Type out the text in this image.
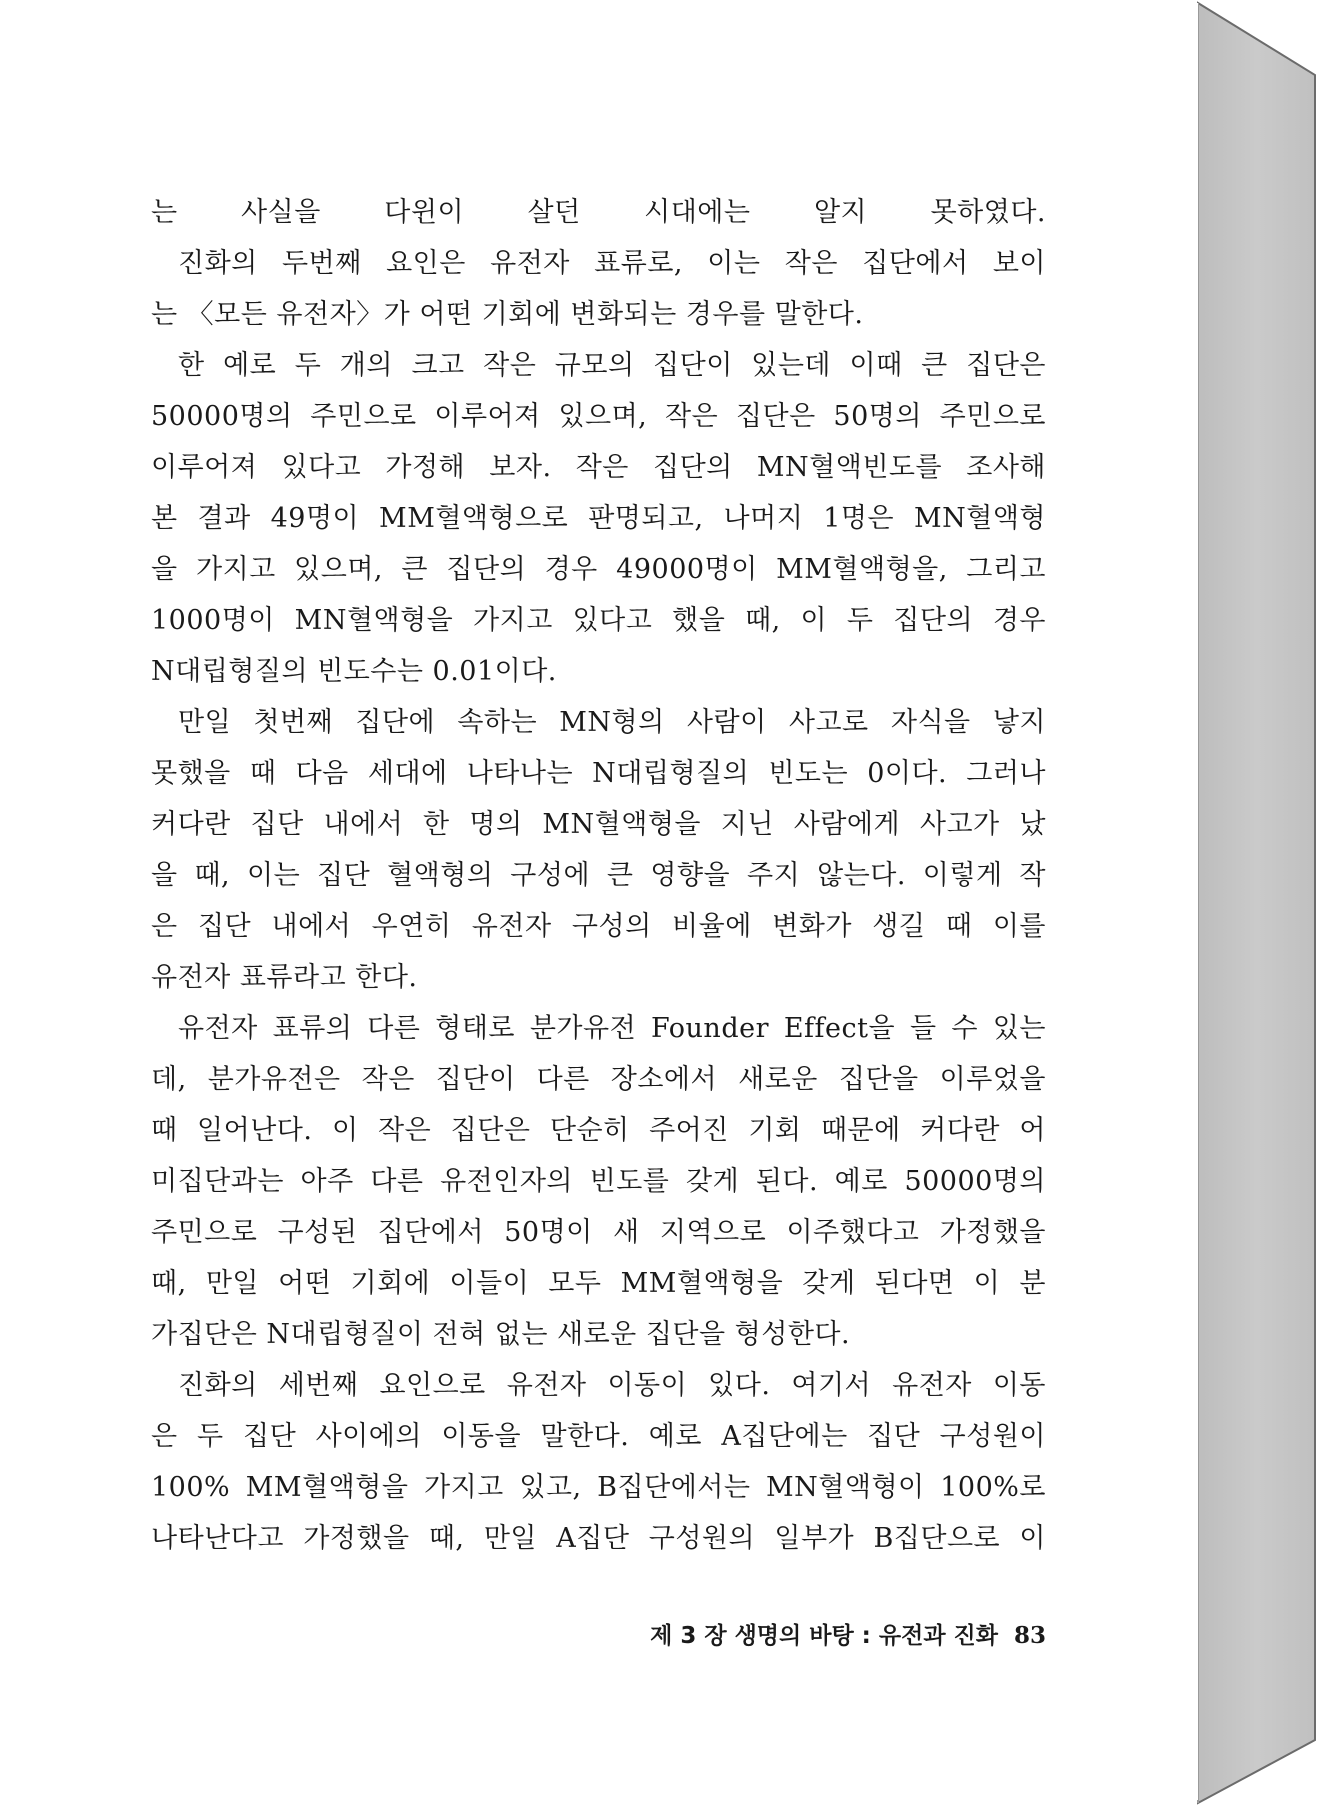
는 사실을 다윈이 살던 시대에는 알지 못하였다.
진화의 두번째 요인은 유전자 표류로, 이는 작은 집단에서 보이
는 〈모든 유전자〉가 어떤 기회에 변화되는 경우를 말한다.
한 예로 두 개의 크고 작은 규모의 집단이 있는데 이때 큰 집단은
50000명의 주민으로 이루어져 있으며, 작은 집단은 50명의 주민으로
이루어져 있다고 가정해 보자. 작은 집단의 MN혈액빈도를 조사해
본 결과 49명이 MM혈액형으로 판명되고, 나머지 1명은 MN혈액형
을 가지고 있으며, 큰 집단의 경우 49000명이 MM혈액형을, 그리고
1000명이 MN혈액형을 가지고 있다고 했을 때, 이 두 집단의 경우
N대립형질의 빈도수는 0.01이다.
만일 첫번째 집단에 속하는 MN형의 사람이 사고로 자식을 낳지
못했을 때 다음 세대에 나타나는 N대립형질의 빈도는 0이다. 그러나
커다란 집단 내에서 한 명의 MN혈액형을 지닌 사람에게 사고가 났
을 때, 이는 집단 혈액형의 구성에 큰 영향을 주지 않는다. 이렇게 작
은 집단 내에서 우연히 유전자 구성의 비율에 변화가 생길 때 이를
유전자 표류라고 한다.
유전자 표류의 다른 형태로 분가유전 Founder Effect을 들 수 있는
데, 분가유전은 작은 집단이 다른 장소에서 새로운 집단을 이루었을
때 일어난다. 이 작은 집단은 단순히 주어진 기회 때문에 커다란 어
미집단과는 아주 다른 유전인자의 빈도를 갖게 된다. 예로 50000명의
주민으로 구성된 집단에서 50명이 새 지역으로 이주했다고 가정했을
때, 만일 어떤 기회에 이들이 모두 MM혈액형을 갖게 된다면 이 분
가집단은 N대립형질이 전혀 없는 새로운 집단을 형성한다.
진화의 세번째 요인으로 유전자 이동이 있다. 여기서 유전자 이동
은 두 집단 사이에의 이동을 말한다. 예로 A집단에는 집단 구성원이
100% MM혈액형을 가지고 있고, B집단에서는 MN혈액형이 100%로
나타난다고 가정했을 때, 만일 A집단 구성원의 일부가 B집단으로 이
제 3 장 생명의 바탕 : 유전과 진화 83
